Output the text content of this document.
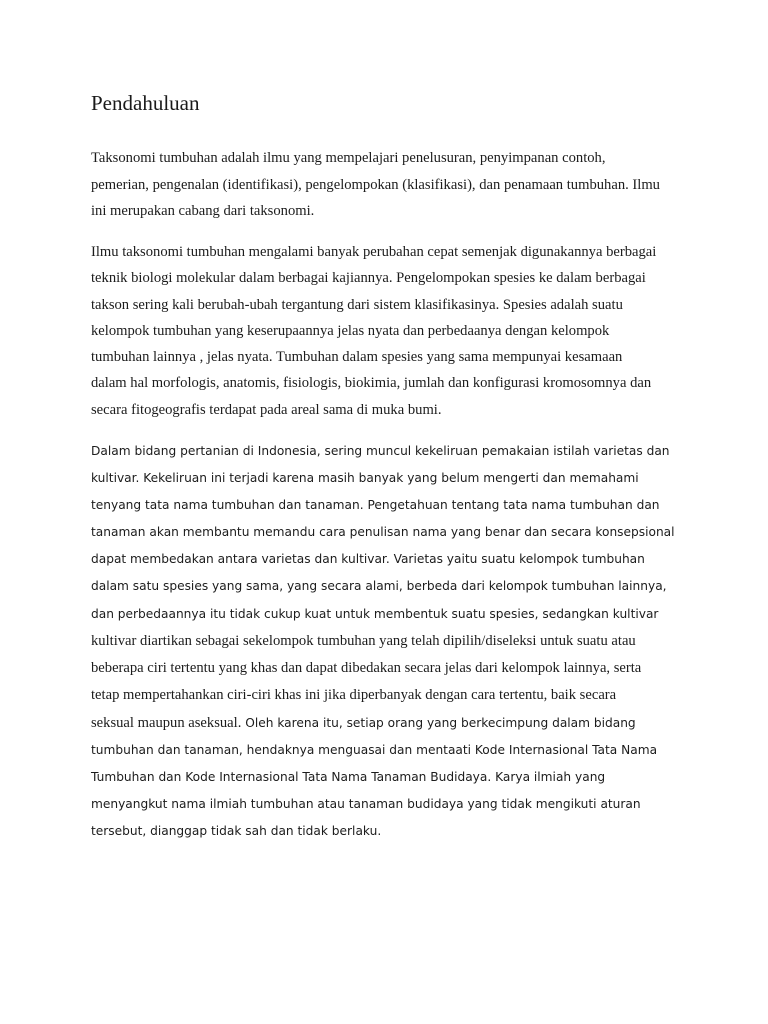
Pendahuluan

Taksonomi tumbuhan adalah ilmu yang mempelajari penelusuran, penyimpanan contoh,
pemerian, pengenalan (identifikasi), pengelompokan (klasifikasi), dan penamaan tumbuhan. Ilmu
ini merupakan cabang dari taksonomi.

Ilmu taksonomi tumbuhan mengalami banyak perubahan cepat semenjak digunakannya berbagai
teknik biologi molekular dalam berbagai kajiannya. Pengelompokan spesies ke dalam berbagai
takson sering kali berubah-ubah tergantung dari sistem klasifikasinya. Spesies adalah suatu
kelompok tumbuhan yang keserupaannya jelas nyata dan perbedaanya dengan kelompok
tumbuhan lainnya , jelas nyata. Tumbuhan dalam spesies yang sama mempunyai kesamaan
dalam hal morfologis, anatomis, fisiologis, biokimia, jumlah dan konfigurasi kromosomnya dan
secara fitogeografis terdapat pada areal sama di muka bumi.

Dalam bidang pertanian di Indonesia, sering muncul kekeliruan pemakaian istilah varietas dan
kultivar. Kekeliruan ini terjadi karena masih banyak yang belum mengerti dan memahami
tenyang tata nama tumbuhan dan tanaman. Pengetahuan tentang tata nama tumbuhan dan
tanaman akan membantu memandu cara penulisan nama yang benar dan secara konsepsional
dapat membedakan antara varietas dan kultivar. Varietas yaitu suatu kelompok tumbuhan
dalam satu spesies yang sama, yang secara alami, berbeda dari kelompok tumbuhan lainnya,
dan perbedaannya itu tidak cukup kuat untuk membentuk suatu spesies, sedangkan kultivar
kultivar diartikan sebagai sekelompok tumbuhan yang telah dipilih/diseleksi untuk suatu atau
beberapa ciri tertentu yang khas dan dapat dibedakan secara jelas dari kelompok lainnya, serta
tetap mempertahankan ciri-ciri khas ini jika diperbanyak dengan cara tertentu, baik secara
seksual maupun aseksual. Oleh karena itu, setiap orang yang berkecimpung dalam bidang
tumbuhan dan tanaman, hendaknya menguasai dan mentaati Kode Internasional Tata Nama
Tumbuhan dan Kode Internasional Tata Nama Tanaman Budidaya. Karya ilmiah yang
menyangkut nama ilmiah tumbuhan atau tanaman budidaya yang tidak mengikuti aturan
tersebut, dianggap tidak sah dan tidak berlaku.
